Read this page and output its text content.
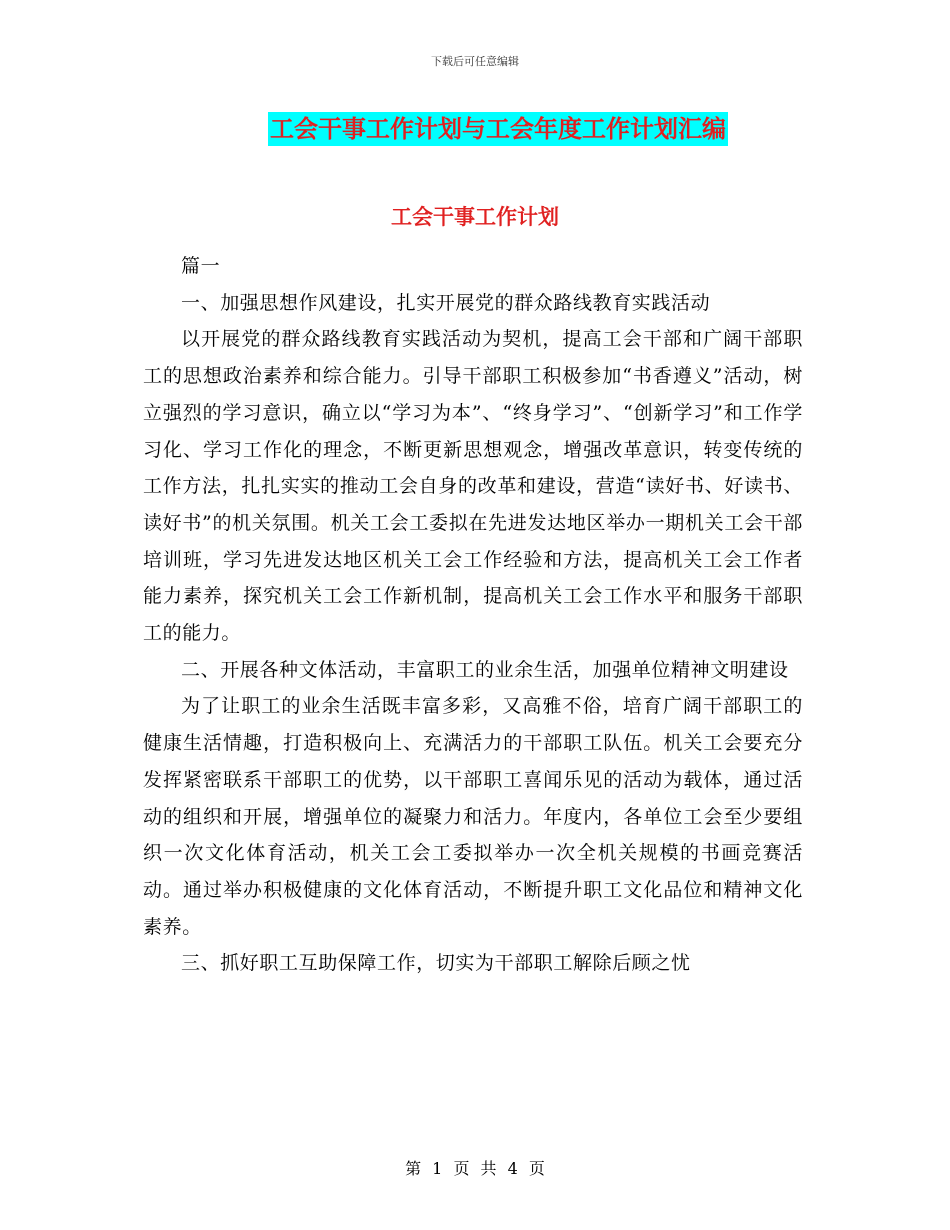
下载后可任意编辑
工会干事工作计划与工会年度工作计划汇编
工会干事工作计划

篇一

一、加强思想作风建设，扎实开展党的群众路线教育实践活动

以开展党的群众路线教育实践活动为契机，提高工会干部和广阔干部职工的思想政治素养和综合能力。引导干部职工积极参加“书香遵义”活动，树立强烈的学习意识，确立以“学习为本”、“终身学习”、“创新学习”和工作学习化、学习工作化的理念，不断更新思想观念，增强改革意识，转变传统的工作方法，扎扎实实的推动工会自身的改革和建设，营造“读好书、好读书、读好书”的机关氛围。机关工会工委拟在先进发达地区举办一期机关工会干部培训班，学习先进发达地区机关工会工作经验和方法，提高机关工会工作者能力素养，探究机关工会工作新机制，提高机关工会工作水平和服务干部职工的能力。

二、开展各种文体活动，丰富职工的业余生活，加强单位精神文明建设

为了让职工的业余生活既丰富多彩，又高雅不俗，培育广阔干部职工的健康生活情趣，打造积极向上、充满活力的干部职工队伍。机关工会要充分发挥紧密联系干部职工的优势，以干部职工喜闻乐见的活动为载体，通过活动的组织和开展，增强单位的凝聚力和活力。年度内，各单位工会至少要组织一次文化体育活动，机关工会工委拟举办一次全机关规模的书画竞赛活动。通过举办积极健康的文化体育活动，不断提升职工文化品位和精神文化素养。

三、抓好职工互助保障工作，切实为干部职工解除后顾之忧

第 1 页 共 4 页
